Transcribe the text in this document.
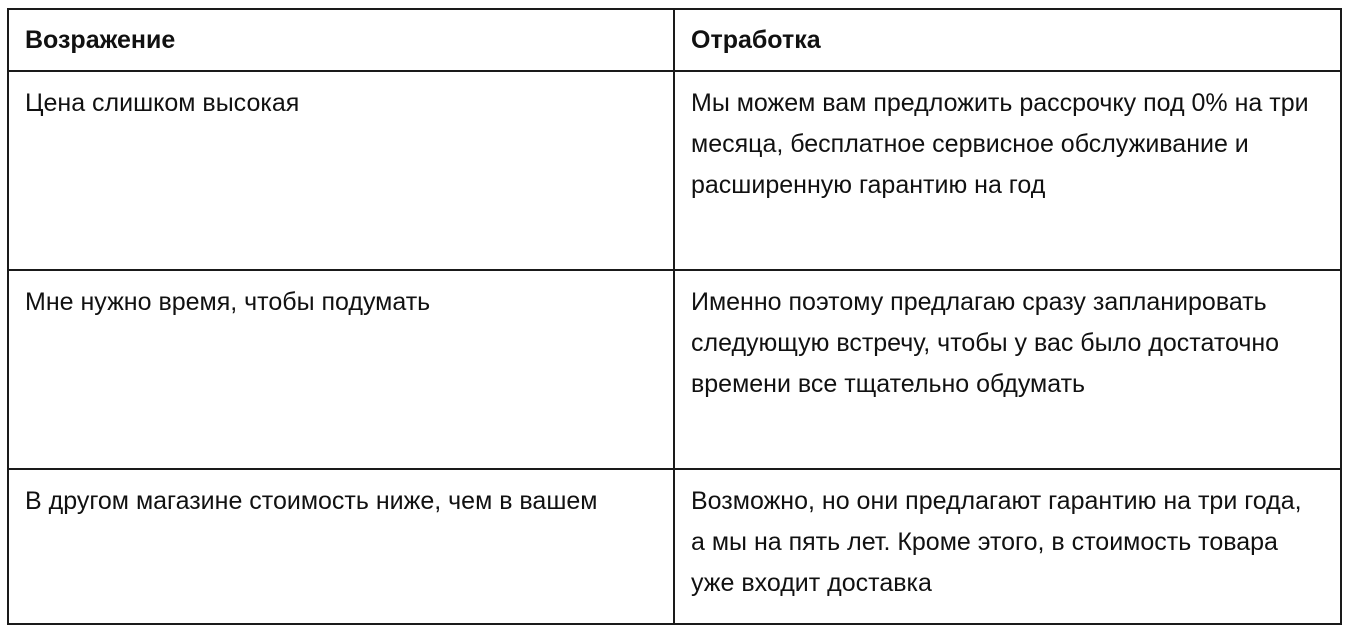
Возражение	Отработка
Цена слишком высокая	Мы можем вам предложить рассрочку под 0% на три месяца, бесплатное сервисное обслуживание и расширенную гарантию на год
Мне нужно время, чтобы подумать	Именно поэтому предлагаю сразу запланировать следующую встречу, чтобы у вас было достаточно времени все тщательно обдумать
В другом магазине стоимость ниже, чем в вашем	Возможно, но они предлагают гарантию на три года, а мы на пять лет. Кроме этого, в стоимость товара уже входит доставка
